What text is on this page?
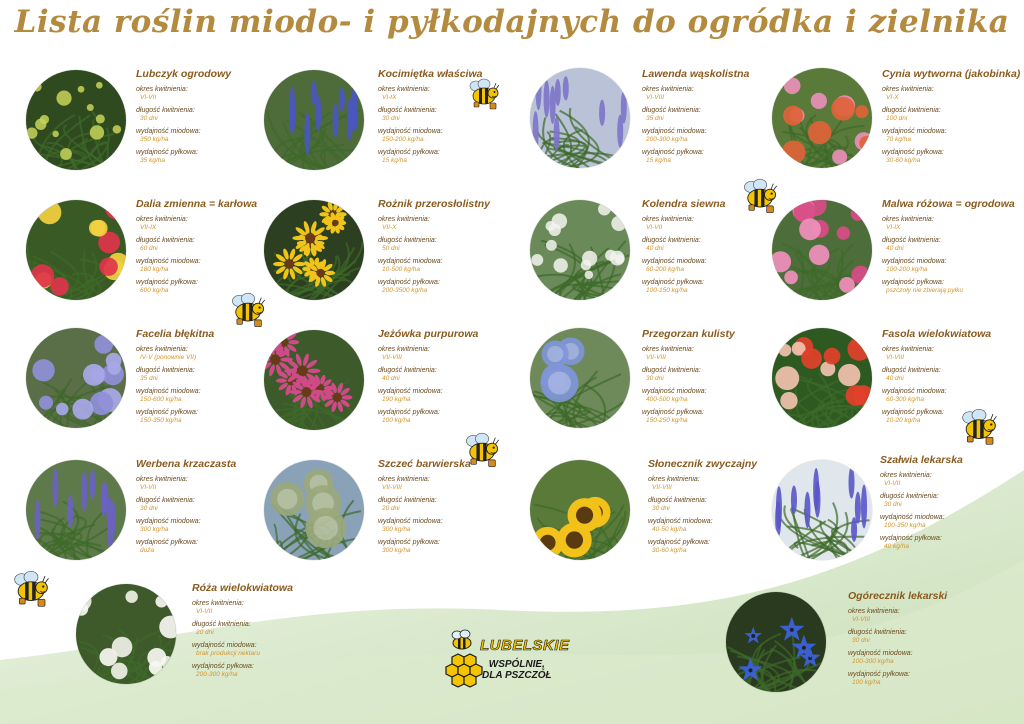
Lista roślin miodo- i pyłkodajnych do ogródka i zielnika
Lubczyk ogrodowy
okres kwitnienia:
VI-VII
długość kwitnienia:
30 dni
wydajność miodowa:
350 kg/ha
wydajność pyłkowa:
35 kg/ha
Kocimiętka właściwa
okres kwitnienia:
VI-IX
długość kwitnienia:
30 dni
wydajność miodowa:
150-200 kg/ha
wydajność pyłkowa:
15 kg/ha
Lawenda wąskolistna
okres kwitnienia:
VI-VIII
długość kwitnienia:
35 dni
wydajność miodowa:
200-300 kg/ha
wydajność pyłkowa:
15 kg/ha
Cynia wytworna (jakobinka)
okres kwitnienia:
VI-X
długość kwitnienia:
100 dni
wydajność miodowa:
70 kg/ha
wydajność pyłkowa:
30-60 kg/ha
Dalia zmienna = karłowa
okres kwitnienia:
VII-IX
długość kwitnienia:
60 dni
wydajność miodowa:
180 kg/ha
wydajność pyłkowa:
600 kg/ha
Rożnik przerosłolistny
okres kwitnienia:
VII-X
długość kwitnienia:
50 dni
wydajność miodowa:
10-500 kg/ha
wydajność pyłkowa:
200-3500 kg/ha
Kolendra siewna
okres kwitnienia:
VI-VII
długość kwitnienia:
40 dni
wydajność miodowa:
60-200 kg/ha
wydajność pyłkowa:
100-150 kg/ha
Malwa różowa = ogrodowa
okres kwitnienia:
VI-IX
długość kwitnienia:
40 dni
wydajność miodowa:
100-200 kg/ha
wydajność pyłkowa:
pszczoły nie zbierają pyłku
Facelia błękitna
okres kwitnienia:
IV-V (ponownie VII)
długość kwitnienia:
35 dni
wydajność miodowa:
150-600 kg/ha
wydajność pyłkowa:
150-350 kg/ha
Jeżówka purpurowa
okres kwitnienia:
VII-VIII
długość kwitnienia:
40 dni
wydajność miodowa:
190 kg/ha
wydajność pyłkowa:
100 kg/ha
Przegorzan kulisty
okres kwitnienia:
VII-VIII
długość kwitnienia:
30 dni
wydajność miodowa:
400-500 kg/ha
wydajność pyłkowa:
150-250 kg/ha
Fasola wielokwiatowa
okres kwitnienia:
VI-VIII
długość kwitnienia:
40 dni
wydajność miodowa:
60-300 kg/ha
wydajność pyłkowa:
10-20 kg/ha
Werbena krzaczasta
okres kwitnienia:
VI-VII
długość kwitnienia:
30 dni
wydajność miodowa:
300 kg/ha
wydajność pyłkowa:
duża
Szczeć barwierska
okres kwitnienia:
VII-VIII
długość kwitnienia:
20 dni
wydajność miodowa:
300 kg/ha
wydajność pyłkowa:
300 kg/ha
Słonecznik zwyczajny
okres kwitnienia:
VII-VIII
długość kwitnienia:
30 dni
wydajność miodowa:
40-50 kg/ha
wydajność pyłkowa:
30-60 kg/ha
Szałwia lekarska
okres kwitnienia:
VI-VII
długość kwitnienia:
30 dni
wydajność miodowa:
100-350 kg/ha
wydajność pyłkowa:
40 kg/ha
Róża wielokwiatowa
okres kwitnienia:
VI-VII
długość kwitnienia:
20 dni
wydajność miodowa:
brak produkcji nektaru
wydajność pyłkowa:
200-300 kg/ha
Ogórecznik lekarski
okres kwitnienia:
VI-VIII
długość kwitnienia:
30 dni
wydajność miodowa:
100-300 kg/ha
wydajność pyłkowa:
100 kg/ha
LUBELSKIE
WSPÓLNIE,
DLA PSZCZÓŁ
